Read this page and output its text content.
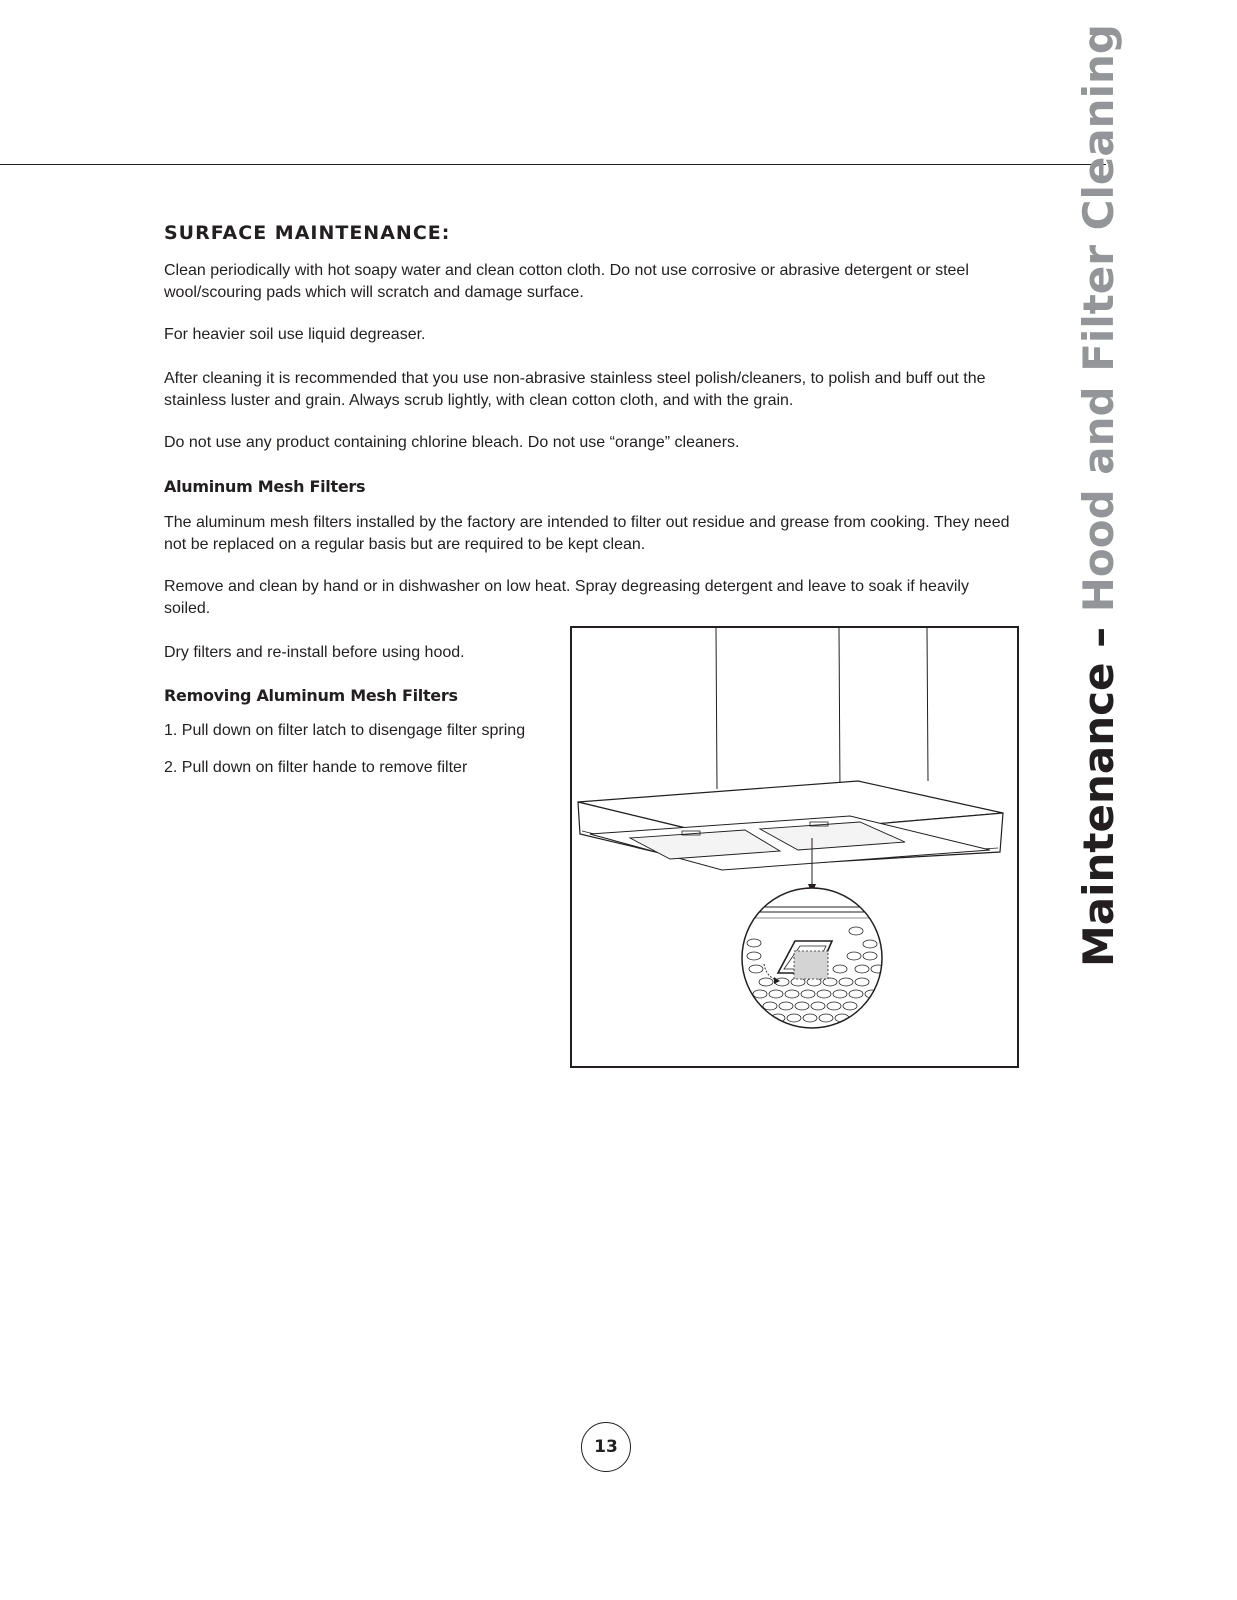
SURFACE MAINTENANCE:

Clean periodically with hot soapy water and clean cotton cloth. Do not use corrosive or abrasive detergent or steel wool/scouring pads which will scratch and damage surface.

For heavier soil use liquid degreaser.

After cleaning it is recommended that you use non-abrasive stainless steel polish/cleaners, to polish and buff out the stainless luster and grain. Always scrub lightly, with clean cotton cloth, and with the grain.

Do not use any product containing chlorine bleach. Do not use “orange” cleaners.

Aluminum Mesh Filters

The aluminum mesh filters installed by the factory are intended to filter out residue and grease from cooking. They need not be replaced on a regular basis but are required to be kept clean.

Remove and clean by hand or in dishwasher on low heat. Spray degreasing detergent and leave to soak if heavily soiled.

Dry filters and re-install before using hood.

Removing Aluminum Mesh Filters

1. Pull down on filter latch to disengage filter spring

2. Pull down on filter hande to remove filter	Maintenance – Hood and Filter Cleaning
13
